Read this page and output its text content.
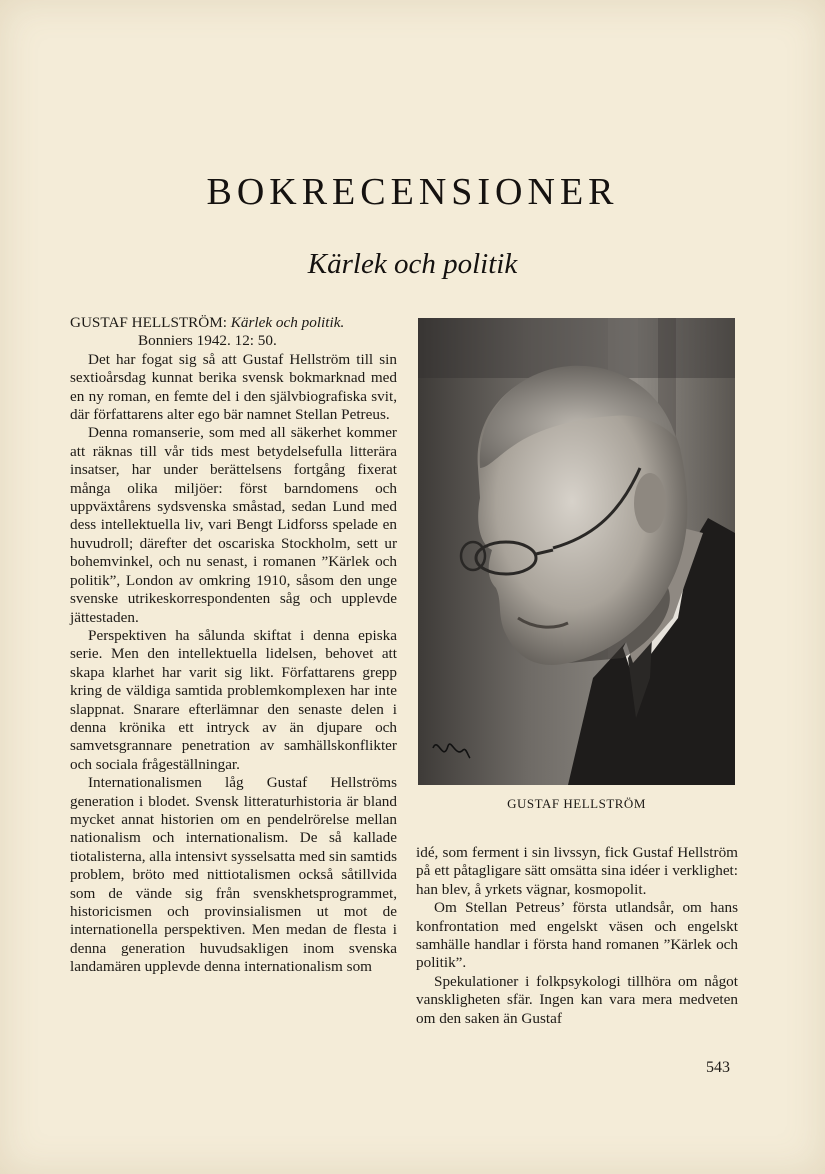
BOKRECENSIONER
Kärlek och politik

GUSTAF HELLSTRÖM: Kärlek och politik.
Bonniers 1942. 12: 50.

Det har fogat sig så att Gustaf Hellström till sin sextioårsdag kunnat berika svensk bokmarknad med en ny roman, en femte del i den självbiografiska svit, där författarens alter ego bär namnet Stellan Petreus.

Denna romanserie, som med all säkerhet kommer att räknas till vår tids mest betydelsefulla litterära insatser, har under berättelsens fortgång fixerat många olika miljöer: först barndomens och uppväxtårens sydsvenska småstad, sedan Lund med dess intellektuella liv, vari Bengt Lidforss spelade en huvudroll; därefter det oscariska Stockholm, sett ur bohemvinkel, och nu senast, i romanen ”Kärlek och politik”, London av omkring 1910, såsom den unge svenske utrikeskorrespondenten såg och upplevde jättestaden.

Perspektiven ha sålunda skiftat i denna episka serie. Men den intellektuella lidelsen, behovet att skapa klarhet har varit sig likt. Författarens grepp kring de väldiga samtida problemkomplexen har inte slappnat. Snarare efterlämnar den senaste delen i denna krönika ett intryck av än djupare och samvetsgrannare penetration av samhällskonflikter och sociala frågeställningar.

Internationalismen låg Gustaf Hellströms generation i blodet. Svensk litteraturhistoria är bland mycket annat historien om en pendelrörelse mellan nationalism och internationalism. De så kallade tiotalisterna, alla intensivt sysselsatta med sin samtids problem, bröto med nittiotalismen också såtillvida som de vände sig från svenskhetsprogrammet, historicismen och provinsialismen ut mot de internationella perspektiven. Men medan de flesta i denna generation huvudsakligen inom svenska landamären upplevde denna internationalism som

GUSTAF HELLSTRÖM

idé, som ferment i sin livssyn, fick Gustaf Hellström på ett påtagligare sätt omsätta sina idéer i verklighet: han blev, å yrkets vägnar, kosmopolit.

Om Stellan Petreus’ första utlandsår, om hans konfrontation med engelskt väsen och engelskt samhälle handlar i första hand romanen ”Kärlek och politik”.

Spekulationer i folkpsykologi tillhöra om något vanskligheten sfär. Ingen kan vara mera medveten om den saken än Gustaf

543
